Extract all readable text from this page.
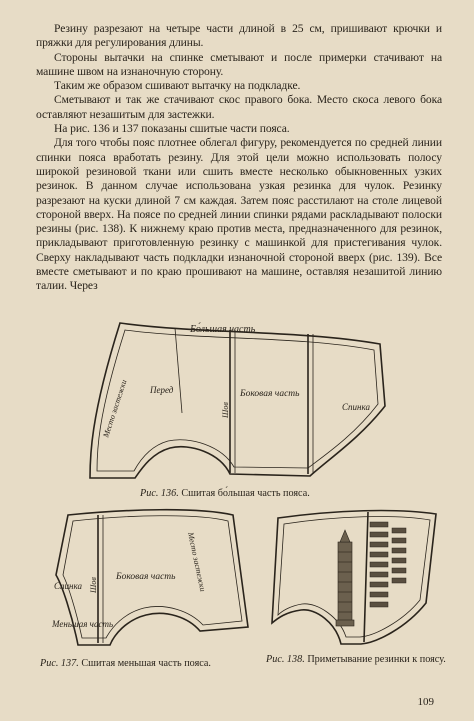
Резину разрезают на четыре части длиной в 25 см, пришивают крючки и пряжки для регулирования длины.

Стороны вытачки на спинке сметывают и после примерки стачивают на машине швом на изнаночную сторону.

Таким же образом сшивают вытачку на подкладке.

Сметывают и так же стачивают скос правого бока. Место скоса левого бока оставляют незашитым для застежки.

На рис. 136 и 137 показаны сшитые части пояса.

Для того чтобы пояс плотнее облегал фигуру, рекомендуется по средней линии спинки пояса вработать резину. Для этой цели можно использовать полосу широкой резиновой ткани или сшить вместе несколько обыкновенных узких резинок. В данном случае использована узкая резинка для чулок. Резинку разрезают на куски длиной 7 см каждая. Затем пояс расстилают на столе лицевой стороной вверх. На поясе по средней линии спинки рядами раскладывают полоски резины (рис. 138). К нижнему краю против места, предназначенного для резинок, прикладывают приготовленную резинку с машинкой для пристегивания чулок. Сверху накладывают часть подкладки изнаночной стороной вверх (рис. 139). Все вместе сметывают и по краю прошивают на машине, оставляя незашитой линию талии. Через

Бо́льшая часть
Место застежки Перед
Шов
Боковая часть
Спинка
Рис. 136. Сшитая бо́льшая часть пояса.
Боковая часть
Шов	Место застежки
Спинка
Меньшая часть
Рис. 137. Сшитая меньшая часть пояса.	Рис. 138. Приметывание резинки к поясу.
109
